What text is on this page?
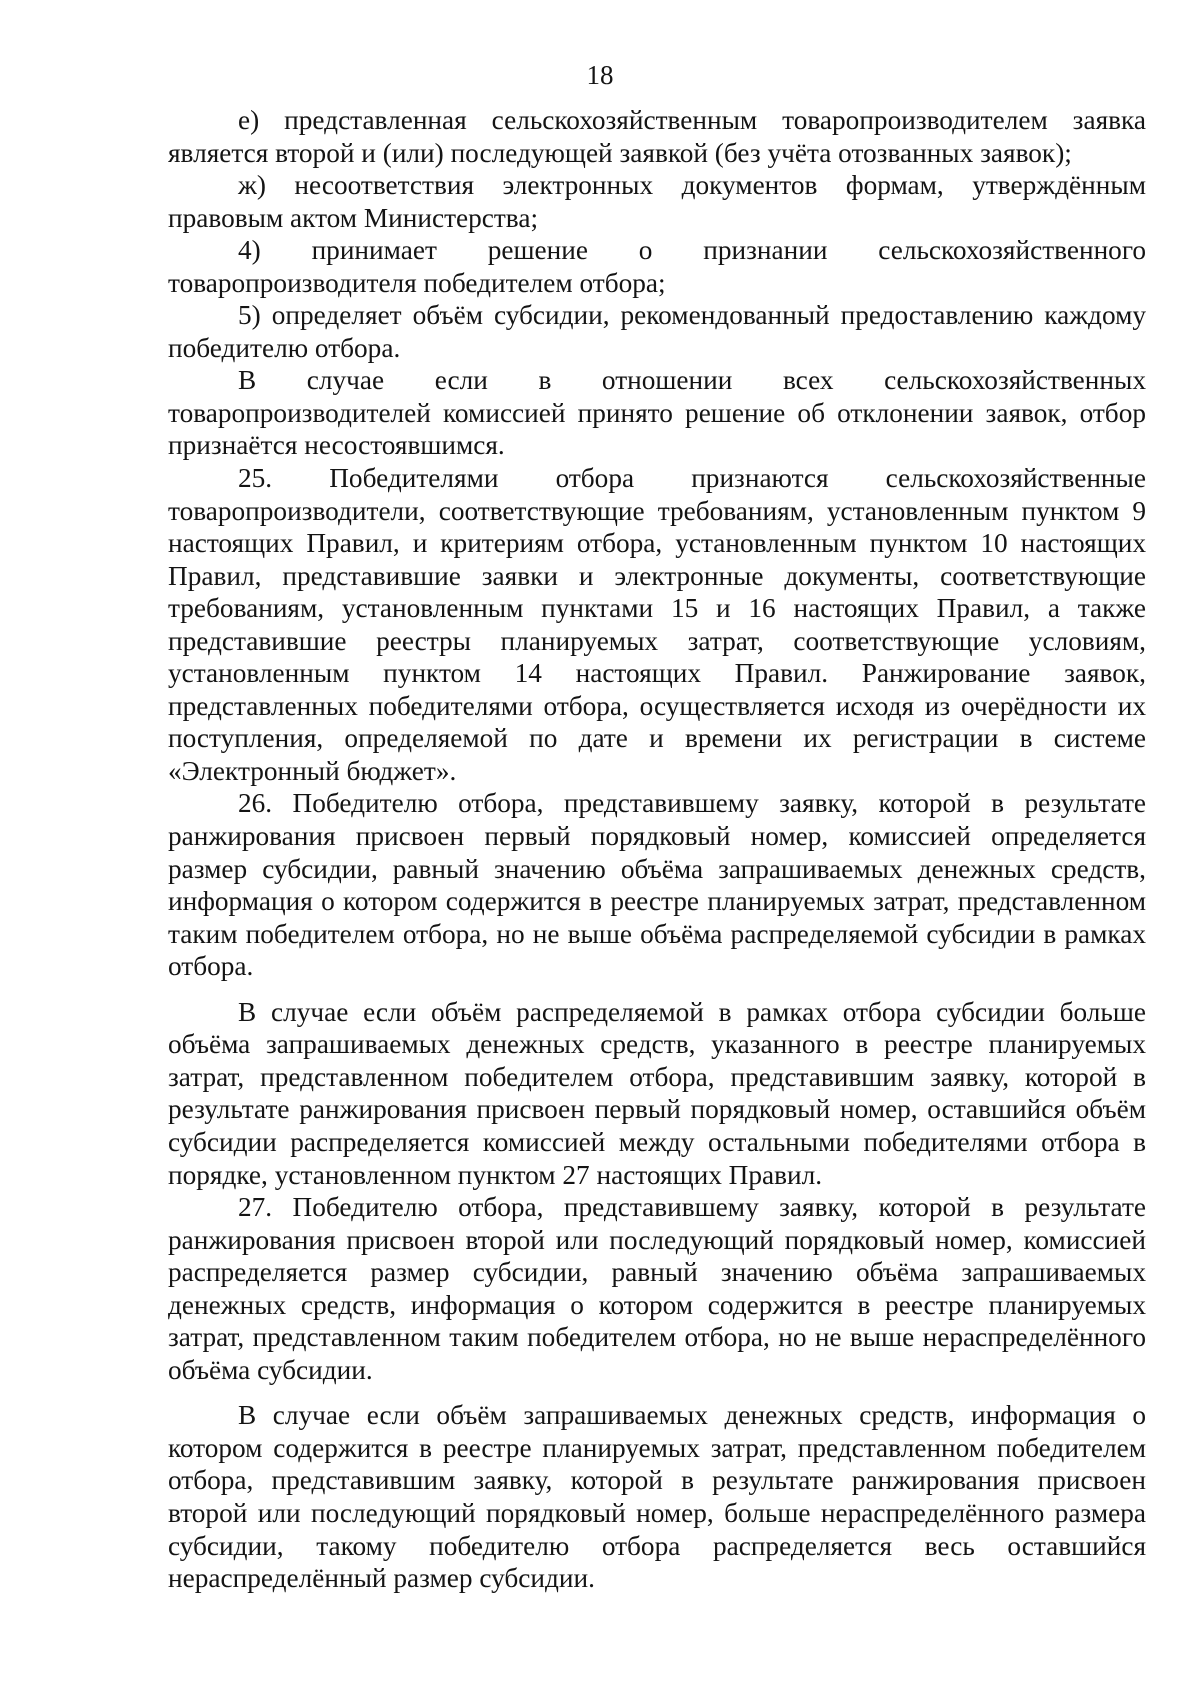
18

е) представленная сельскохозяйственным товаропроизводителем заявка является второй и (или) последующей заявкой (без учёта отозванных заявок);

ж) несоответствия электронных документов формам, утверждённым правовым актом Министерства;

4) принимает решение о признании сельскохозяйственного товаропроизводителя победителем отбора;

5) определяет объём субсидии, рекомендованный предоставлению каждому победителю отбора.

В случае если в отношении всех сельскохозяйственных товаропроизводителей комиссией принято решение об отклонении заявок, отбор признаётся несостоявшимся.

25. Победителями отбора признаются сельскохозяйственные товаропроизводители, соответствующие требованиям, установленным пунктом 9 настоящих Правил, и критериям отбора, установленным пунктом 10 настоящих Правил, представившие заявки и электронные документы, соответствующие требованиям, установленным пунктами 15 и 16 настоящих Правил, а также представившие реестры планируемых затрат, соответствующие условиям, установленным пунктом 14 настоящих Правил. Ранжирование заявок, представленных победителями отбора, осуществляется исходя из очерёдности их поступления, определяемой по дате и времени их регистрации в системе «Электронный бюджет».

26. Победителю отбора, представившему заявку, которой в результате ранжирования присвоен первый порядковый номер, комиссией определяется размер субсидии, равный значению объёма запрашиваемых денежных средств, информация о котором содержится в реестре планируемых затрат, представленном таким победителем отбора, но не выше объёма распределяемой субсидии в рамках отбора.

В случае если объём распределяемой в рамках отбора субсидии больше объёма запрашиваемых денежных средств, указанного в реестре планируемых затрат, представленном победителем отбора, представившим заявку, которой в результате ранжирования присвоен первый порядковый номер, оставшийся объём субсидии распределяется комиссией между остальными победителями отбора в порядке, установленном пунктом 27 настоящих Правил.

27. Победителю отбора, представившему заявку, которой в результате ранжирования присвоен второй или последующий порядковый номер, комиссией распределяется размер субсидии, равный значению объёма запрашиваемых денежных средств, информация о котором содержится в реестре планируемых затрат, представленном таким победителем отбора, но не выше нераспределённого объёма субсидии.

В случае если объём запрашиваемых денежных средств, информация о котором содержится в реестре планируемых затрат, представленном победителем отбора, представившим заявку, которой в результате ранжирования присвоен второй или последующий порядковый номер, больше нераспределённого размера субсидии, такому победителю отбора распределяется весь оставшийся нераспределённый размер субсидии.
